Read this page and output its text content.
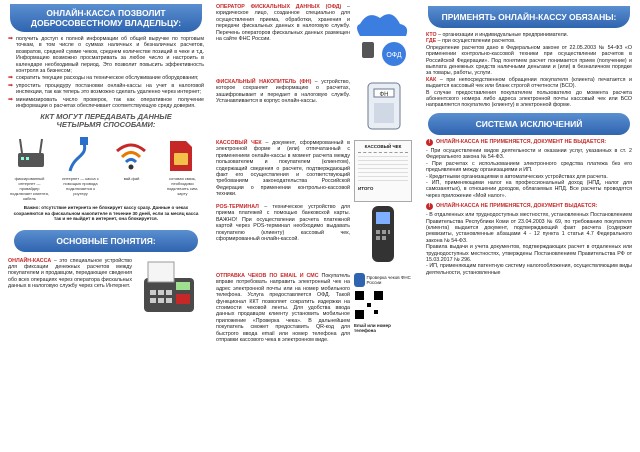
ОНЛАЙН-КАССА ПОЗВОЛИТ ДОБРОСОВЕСТНОМУ ВЛАДЕЛЬЦУ:
➡ получить доступ к полной информации об общей выручке по торговым точкам, в том числе о суммах наличных и безналичных расчетов, возвратов, средней сумме чеков, среднем количестве позиций в чеке и т.д. Информацию возможно просматривать за любое число и настроить в календаре необходимый период. Это позволит повысить эффективность контроля за бизнесом;
➡ сократить текущие расходы на техническое обслуживание оборудования;
➡ упростить процедуру постановки онлайн-кассы на учет в налоговой инспекции, так как теперь это возможно сделать удаленно через интернет;
➡ минимизировать число проверок, так как оперативное получение информации о расчетах обеспечивает соответствующую среду доверия.
ККТ МОГУТ ПЕРЕДАВАТЬ ДАННЫЕ ЧЕТЫРЬМЯ СПОСОБАМИ:
фиксированный интернет — провайдер подключает клиента, кабель
интернет — касса с помощью провода подключается к роутеру
вай-фай	сотовая связь, необходимо подключить сим-карту
Важно: отсутствие интернета не блокирует кассу сразу. Данные о чеках сохраняются на фискальном накопителе в течение 30 дней, если за месяц касса так и не выйдет в интернет, она блокируется.
ОСНОВНЫЕ ПОНЯТИЯ:
ОНЛАЙН-КАССА – это специальное устройство для фиксации денежных расчетов между покупателем и продавцом, передающее сведения обо всех операциях через оператора фискальных данных в налоговую службу через сеть Интернет.
ОПЕРАТОР ФИСКАЛЬНЫХ ДАННЫХ (ОФД) – юридическое лицо, созданное специально для осуществления приема, обработки, хранения и передачи фискальных данных в налоговую службу. Перечень операторов фискальных данных размещен на сайте ФНС России.
ОФД
ФИСКАЛЬНЫЙ НАКОПИТЕЛЬ (ФН) – устройство, которое сохраняет информацию о расчетах, зашифровывает и передает в налоговую службу. Устанавливается в корпус онлайн-кассы.
ФН
КАССОВЫЙ ЧЕК – документ, сформированный в электронной форме и (или) отпечатанный с применением онлайн-кассы в момент расчета между пользователем и покупателем (клиентом), содержащий сведения о расчете, подтверждающий факт его осуществления и соответствующий требованиям законодательства Российской Федерации о применении контрольно-кассовой техники.
КАССОВЫЙ ЧЕК
ИТОГО
POS-ТЕРМИНАЛ – техническое устройство для приема платежей с помощью банковской карты. ВАЖНО! При осуществлении расчета платежной картой через POS-терминал необходимо выдавать покупателю (клиенту) кассовый чек, сформированный онлайн-кассой.
ОТПРАВКА ЧЕКОВ ПО EMAIL И СМС Покупатель вправе потребовать направить электронный чек на адрес электронной почты или на номер мобильного телефона. Услуга предоставляется ОФД. Такой функционал ККТ позволяет сократить издержки на стоимости чековой ленты. Для удобства ввода данных продавцом клиенту установить мобильное приложение «Проверка чека». В дальнейшем покупатель сможет предоставить QR-код для быстрого ввода email или номер телефона для отправки кассового чека в электронном виде.
Проверка чеков ФНС России
Email или номер телефона
ПРИМЕНЯТЬ ОНЛАЙН-КАССУ ОБЯЗАНЫ:
КТО – организации и индивидуальные предприниматели.
ГДЕ – при осуществлении расчетов.
Определение расчетов дано в Федеральном законе от 22.05.2003 № 54-ФЗ «О применении контрольно-кассовой техники при осуществлении расчетов в Российской Федерации». Под понятием расчет понимается прием (получение) и выплата денежных средств наличными деньгами и (или) в безналичном порядке за товары, работы, услуги.
КАК – при непосредственном обращении покупателя (клиента) печатается и выдается кассовый чек или бланк строгой отчетности (БСО).
В случае предоставления покупателем пользователю до момента расчета абонентского номера либо адреса электронной почты кассовый чек или БСО направляется покупателю (клиенту) в электронной форме.
СИСТЕМА ИСКЛЮЧЕНИЙ
!	ОНЛАЙН-КАССА НЕ ПРИМЕНЯЕТСЯ, ДОКУМЕНТ НЕ ВЫДАЕТСЯ:
- При осуществлении видов деятельности и оказании услуг, указанных в ст. 2 Федерального закона № 54-ФЗ.
- При расчетах с использованием электронного средства платежа без его предъявления между организациями и ИП.
- Кредитными организациями в автоматических устройствах для расчета.
- ИП, применяющими налог на профессиональный доход (НПД, налог для самозанятых), в отношении доходов, облагаемых НПД. Все расчеты проводятся через приложение «Мой налог».
!	ОНЛАЙН-КАССА НЕ ПРИМЕНЯЕТСЯ, ДОКУМЕНТ ВЫДАЕТСЯ:
- В отдаленных или труднодоступных местностях, установленных Постановлением Правительства Республики Коми от 23.04.2003 № 69, по требованию покупателя (клиента) выдается документ, подтверждающий факт расчета (содержит реквизиты, установленные абзацами 4 - 12 пункта 1 статьи 4.7 Федерального закона № 54-ФЗ.
Правила выдачи и учета документов, подтверждающих расчет в отдаленных или труднодоступных местностях, утверждены Постановлением Правительства РФ от 15.03.2017 № 296.
- ИП, применяющим патентную систему налогообложения, осуществляющим виды деятельности, установленные
